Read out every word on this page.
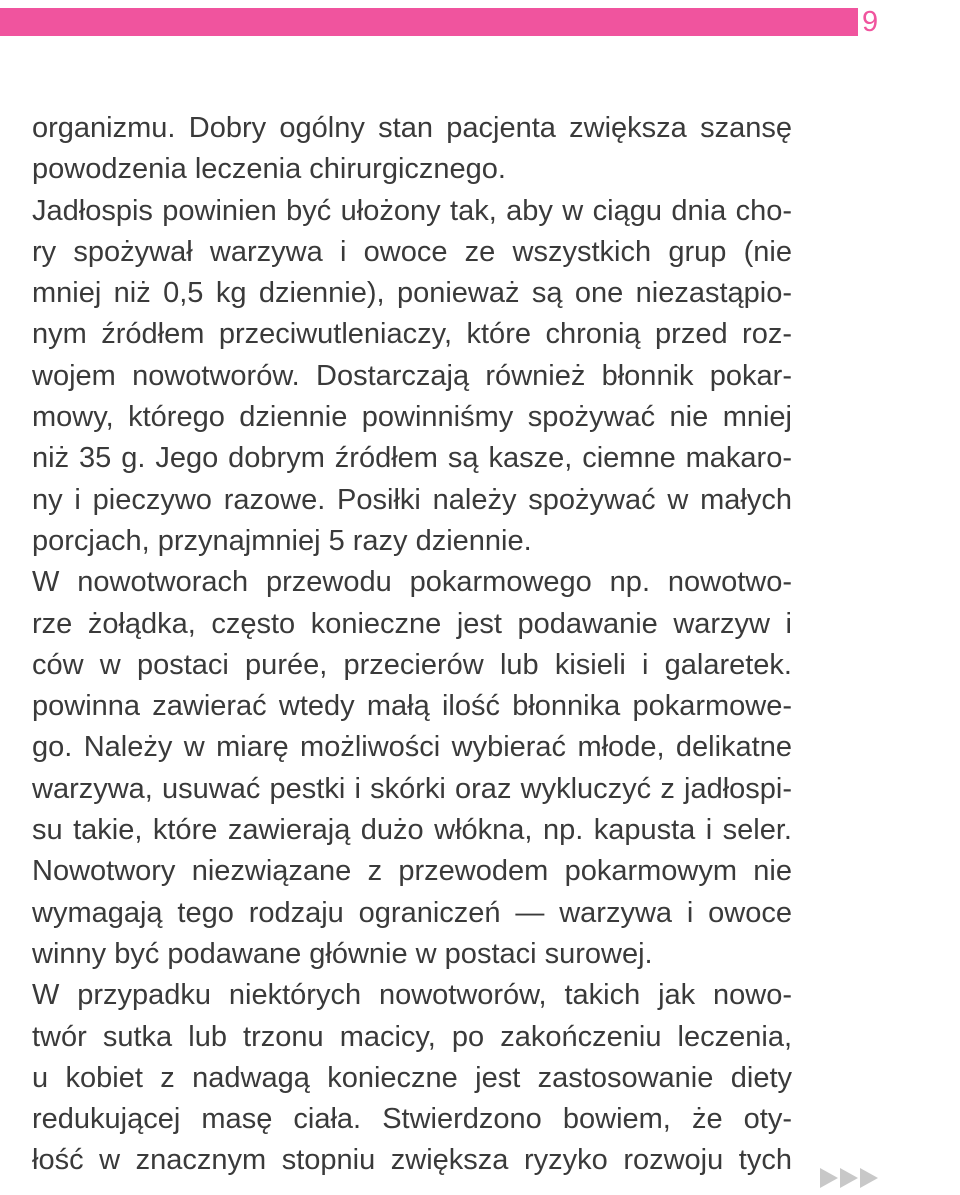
9
organizmu. Dobry ogólny stan pacjenta zwiększa szansę
powodzenia leczenia chirurgicznego.
Jadłospis powinien być ułożony tak, aby w ciągu dnia cho-
ry spożywał warzywa i owoce ze wszystkich grup (nie
mniej niż 0,5 kg dziennie), ponieważ są one niezastąpio-
nym źródłem przeciwutleniaczy, które chronią przed roz-
wojem nowotworów. Dostarczają również błonnik pokar-
mowy, którego dziennie powinniśmy spożywać nie mniej
niż 35 g. Jego dobrym źródłem są kasze, ciemne makaro-
ny i pieczywo razowe. Posiłki należy spożywać w małych
porcjach, przynajmniej 5 razy dziennie.
W nowotworach przewodu pokarmowego np. nowotwo-
rze żołądka, często konieczne jest podawanie warzyw i
ców w postaci purée, przecierów lub kisieli i galaretek.
powinna zawierać wtedy małą ilość błonnika pokarmowe-
go. Należy w miarę możliwości wybierać młode, delikatne
warzywa, usuwać pestki i skórki oraz wykluczyć z jadłospi-
su takie, które zawierają dużo włókna, np. kapusta i seler.
Nowotwory niezwiązane z przewodem pokarmowym nie
wymagają tego rodzaju ograniczeń — warzywa i owoce
winny być podawane głównie w postaci surowej.
W przypadku niektórych nowotworów, takich jak nowo-
twór sutka lub trzonu macicy, po zakończeniu leczenia,
u kobiet z nadwagą konieczne jest zastosowanie diety
redukującej masę ciała. Stwierdzono bowiem, że oty-
łość w znacznym stopniu zwiększa ryzyko rozwoju tych
